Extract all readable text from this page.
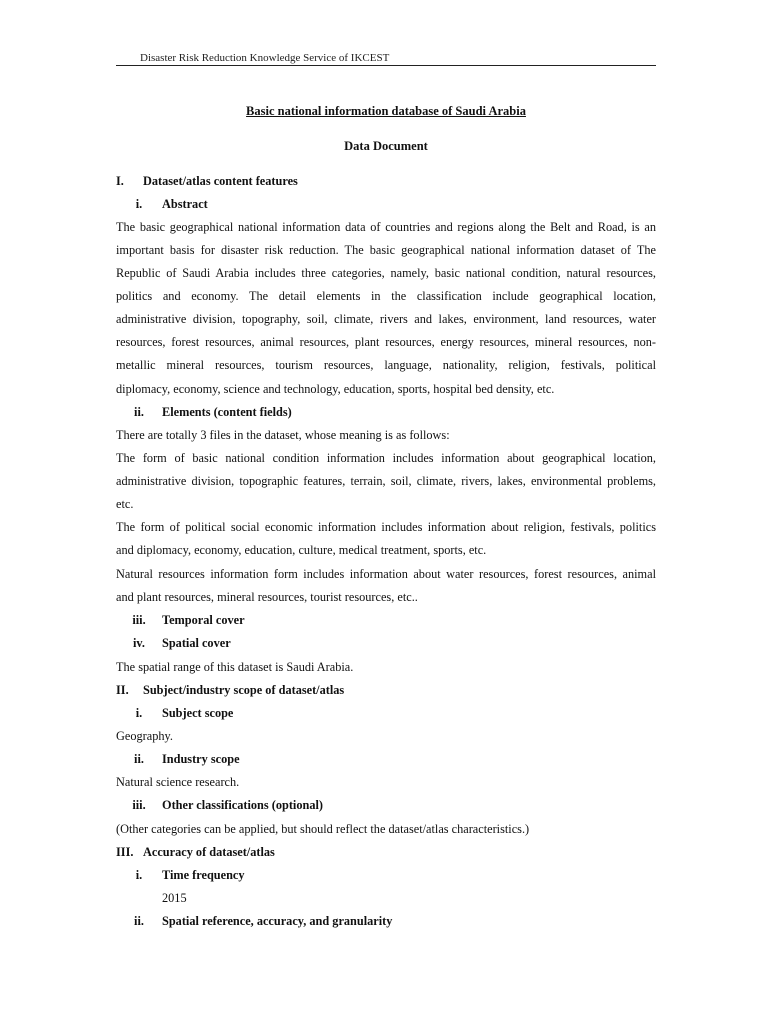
Disaster Risk Reduction Knowledge Service of IKCEST
Basic national information database of Saudi Arabia
Data Document
I. Dataset/atlas content features
i. Abstract
The basic geographical national information data of countries and regions along the Belt and Road, is an
important basis for disaster risk reduction. The basic geographical national information dataset of The
Republic of Saudi Arabia includes three categories, namely, basic national condition, natural resources,
politics and economy. The detail elements in the classification include geographical location,
administrative division, topography, soil, climate, rivers and lakes, environment, land resources, water
resources, forest resources, animal resources, plant resources, energy resources, mineral resources, non-
metallic mineral resources, tourism resources, language, nationality, religion, festivals, political
diplomacy, economy, science and technology, education, sports, hospital bed density, etc.
ii. Elements (content fields)
There are totally 3 files in the dataset, whose meaning is as follows:
The form of basic national condition information includes information about geographical location,
administrative division, topographic features, terrain, soil, climate, rivers, lakes, environmental problems,
etc.
The form of political social economic information includes information about religion, festivals, politics
and diplomacy, economy, education, culture, medical treatment, sports, etc.
Natural resources information form includes information about water resources, forest resources, animal
and plant resources, mineral resources, tourist resources, etc..
iii. Temporal cover
iv. Spatial cover
The spatial range of this dataset is Saudi Arabia.
II. Subject/industry scope of dataset/atlas
i. Subject scope
Geography.
ii. Industry scope
Natural science research.
iii. Other classifications (optional)
(Other categories can be applied, but should reflect the dataset/atlas characteristics.)
III. Accuracy of dataset/atlas
i. Time frequency
2015
ii. Spatial reference, accuracy, and granularity
